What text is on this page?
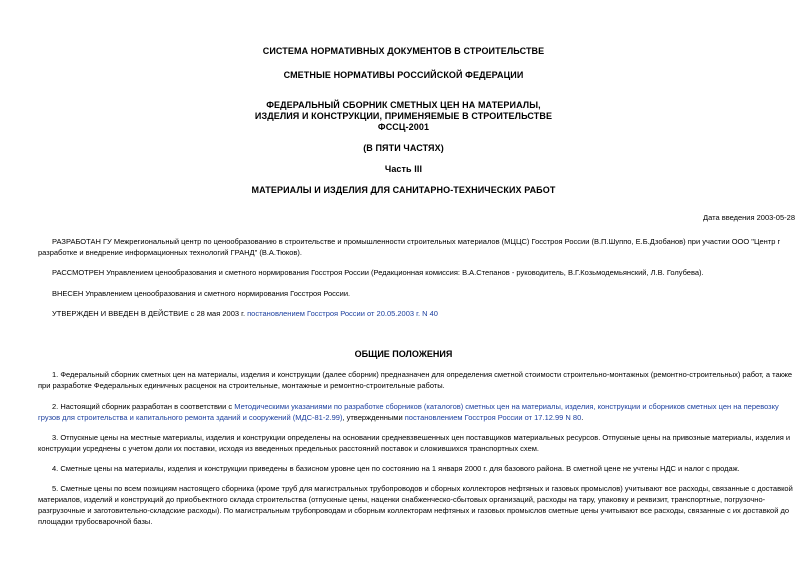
СИСТЕМА НОРМАТИВНЫХ ДОКУМЕНТОВ В СТРОИТЕЛЬСТВЕ
СМЕТНЫЕ НОРМАТИВЫ РОССИЙСКОЙ ФЕДЕРАЦИИ
ФЕДЕРАЛЬНЫЙ СБОРНИК СМЕТНЫХ ЦЕН НА МАТЕРИАЛЫ,
ИЗДЕЛИЯ И КОНСТРУКЦИИ, ПРИМЕНЯЕМЫЕ В СТРОИТЕЛЬСТВЕ
ФССЦ-2001
(В ПЯТИ ЧАСТЯХ)
Часть III
МАТЕРИАЛЫ И ИЗДЕЛИЯ ДЛЯ САНИТАРНО-ТЕХНИЧЕСКИХ РАБОТ
Дата введения 2003-05-28
РАЗРАБОТАН ГУ Межрегиональный центр по ценообразованию в строительстве и промышленности строительных материалов (МЦЦС) Госстроя России (В.П.Шуппо, Е.Б.Дзобанов) при участии ООО "Центр г
разработке и внедрение информационных технологий ГРАНД" (В.А.Тюков).
РАССМОТРЕН Управлением ценообразования и сметного нормирования Госстроя России (Редакционная комиссия: В.А.Степанов - руководитель, В.Г.Козьмодемьянский, Л.В. Голубева).
ВНЕСЕН Управлением ценообразования и сметного нормирования Госстроя России.
УТВЕРЖДЕН И ВВЕДЕН В ДЕЙСТВИЕ с 28 мая 2003 г. постановлением Госстроя России от 20.05.2003 г. N 40
ОБЩИЕ ПОЛОЖЕНИЯ
1. Федеральный сборник сметных цен на материалы, изделия и конструкции (далее сборник) предназначен для определения сметной стоимости строительно-монтажных (ремонтно-строительных) работ, а также
при разработке Федеральных единичных расценок на строительные, монтажные и ремонтно-строительные работы.
2. Настоящий сборник разработан в соответствии с Методическими указаниями по разработке сборников (каталогов) сметных цен на материалы, изделия, конструкции и сборников сметных цен на перевозку
грузов для строительства и капитального ремонта зданий и сооружений (МДС-81-2.99), утвержденными постановлением Госстроя России от 17.12.99 N 80.
3. Отпускные цены на местные материалы, изделия и конструкции определены на основании средневзвешенных цен поставщиков материальных ресурсов. Отпускные цены на привозные материалы, изделия и
конструкции усреднены с учетом доли их поставки, исходя из введенных предельных расстояний поставок и сложившихся транспортных схем.
4. Сметные цены на материалы, изделия и конструкции приведены в базисном уровне цен по состоянию на 1 января 2000 г. для базового района. В сметной цене не учтены НДС и налог с продаж.
5. Сметные цены по всем позициям настоящего сборника (кроме труб для магистральных трубопроводов и сборных коллекторов нефтяных и газовых промыслов) учитывают все расходы, связанные с доставкой
материалов, изделий и конструкций до приобъектного склада строительства (отпускные цены, наценки снабженческо-сбытовых организаций, расходы на тару, упаковку и реквизит, транспортные, погрузочно-
разгрузочные и заготовительно-складские расходы). По магистральным трубопроводам и сборным коллекторам нефтяных и газовых промыслов сметные цены учитывают все расходы, связанные с их доставкой до
площадки трубосварочной базы.
